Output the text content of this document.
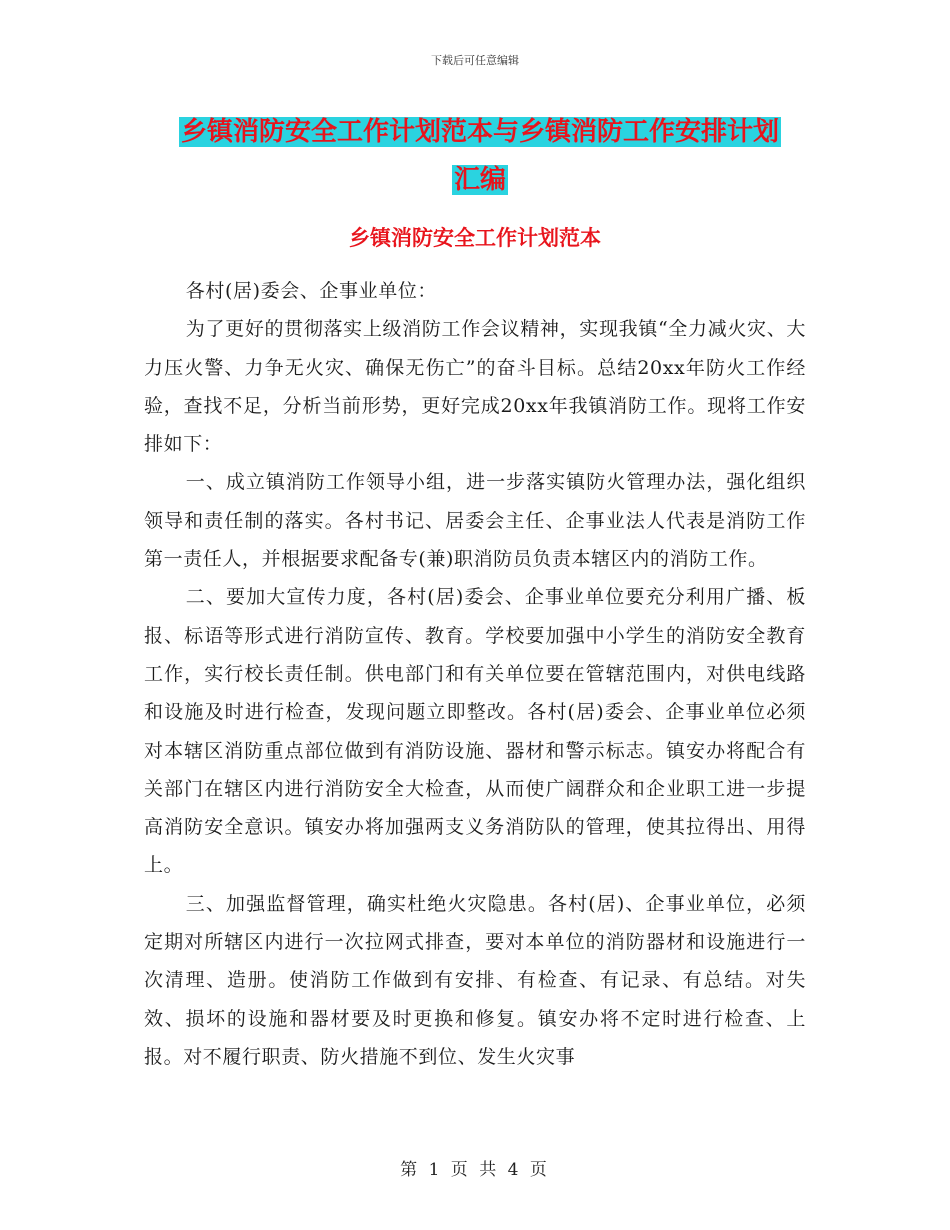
下载后可任意编辑
乡镇消防安全工作计划范本与乡镇消防工作安排计划
汇编
乡镇消防安全工作计划范本

各村(居)委会、企事业单位：

为了更好的贯彻落实上级消防工作会议精神，实现我镇“全力减火灾、大力压火警、力争无火灾、确保无伤亡”的奋斗目标。总结20xx年防火工作经验，查找不足，分析当前形势，更好完成20xx年我镇消防工作。现将工作安排如下：

一、成立镇消防工作领导小组，进一步落实镇防火管理办法，强化组织领导和责任制的落实。各村书记、居委会主任、企事业法人代表是消防工作第一责任人，并根据要求配备专(兼)职消防员负责本辖区内的消防工作。

二、要加大宣传力度，各村(居)委会、企事业单位要充分利用广播、板报、标语等形式进行消防宣传、教育。学校要加强中小学生的消防安全教育工作，实行校长责任制。供电部门和有关单位要在管辖范围内，对供电线路和设施及时进行检查，发现问题立即整改。各村(居)委会、企事业单位必须对本辖区消防重点部位做到有消防设施、器材和警示标志。镇安办将配合有关部门在辖区内进行消防安全大检查，从而使广阔群众和企业职工进一步提高消防安全意识。镇安办将加强两支义务消防队的管理，使其拉得出、用得上。

三、加强监督管理，确实杜绝火灾隐患。各村(居)、企事业单位，必须定期对所辖区内进行一次拉网式排查，要对本单位的消防器材和设施进行一次清理、造册。使消防工作做到有安排、有检查、有记录、有总结。对失效、损坏的设施和器材要及时更换和修复。镇安办将不定时进行检查、上报。对不履行职责、防火措施不到位、发生火灾事

第 1 页 共 4 页
